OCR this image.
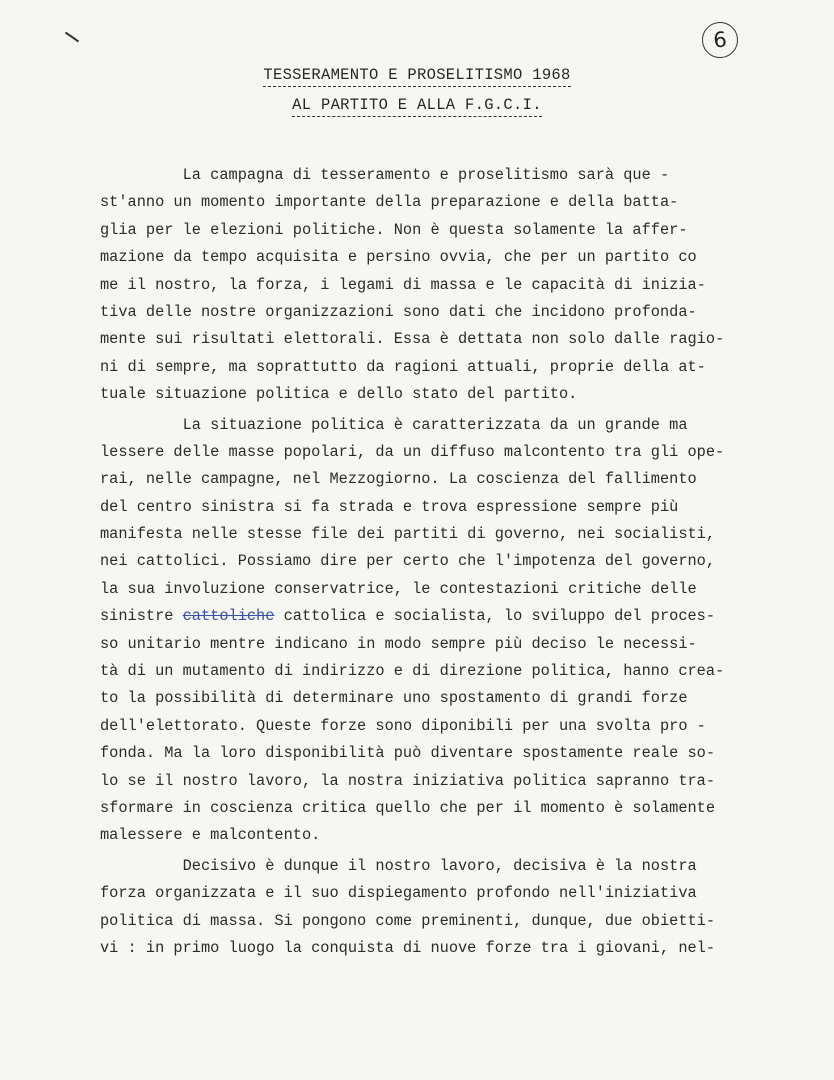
6
TESSERAMENTO E PROSELITISMO 1968
AL PARTITO E ALLA F.G.C.I.
La campagna di tesseramento e proselitismo sarà que -
st'anno un momento importante della preparazione e della batta-
glia per le elezioni politiche. Non è questa solamente la affer-
mazione da tempo acquisita e persino ovvia, che per un partito co
me il nostro, la forza, i legami di massa e le capacità di inizia-
tiva delle nostre organizzazioni sono dati che incidono profonda-
mente sui risultati elettorali. Essa è dettata non solo dalle ragio-
ni di sempre, ma soprattutto da ragioni attuali, proprie della at-
tuale situazione politica e dello stato del partito.
La situazione politica è caratterizzata da un grande ma
lessere delle masse popolari, da un diffuso malcontento tra gli ope-
rai, nelle campagne, nel Mezzogiorno. La coscienza del fallimento
del centro sinistra si fa strada e trova espressione sempre più
manifesta nelle stesse file dei partiti di governo, nei socialisti,
nei cattolici. Possiamo dire per certo che l'impotenza del governo,
la sua involuzione conservatrice, le contestazioni critiche delle
sinistre cattoliche cattolica e socialista, lo sviluppo del proces-
so unitario mentre indicano in modo sempre più deciso le necessi-
tà di un mutamento di indirizzo e di direzione politica, hanno crea-
to la possibilità di determinare uno spostamento di grandi forze
dell'elettorato. Queste forze sono diponibili per una svolta pro -
fonda. Ma la loro disponibilità può diventare spostamente reale so-
lo se il nostro lavoro, la nostra iniziativa politica sapranno tra-
sformare in coscienza critica quello che per il momento è solamente
malessere e malcontento.
Decisivo è dunque il nostro lavoro, decisiva è la nostra
forza organizzata e il suo dispiegamento profondo nell'iniziativa
politica di massa. Si pongono come preminenti, dunque, due obietti-
vi : in primo luogo la conquista di nuove forze tra i giovani, nel-
